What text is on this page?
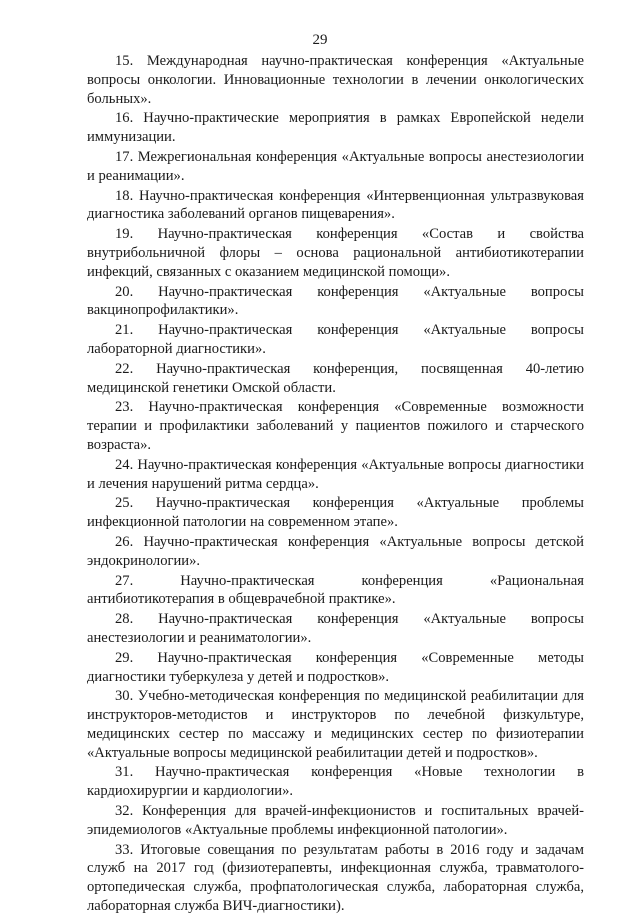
29

15. Международная научно-практическая конференция «Актуальные вопросы онкологии. Инновационные технологии в лечении онкологических больных».

16. Научно-практические мероприятия в рамках Европейской недели иммунизации.

17. Межрегиональная конференция «Актуальные вопросы анестезиологии и реанимации».

18. Научно-практическая конференция «Интервенционная ультразвуковая диагностика заболеваний органов пищеварения».

19. Научно-практическая конференция «Состав и свойства внутрибольничной флоры – основа рациональной антибиотикотерапии инфекций, связанных с оказанием медицинской помощи».

20. Научно-практическая конференция «Актуальные вопросы вакцинопрофилактики».

21. Научно-практическая конференция «Актуальные вопросы лабораторной диагностики».

22. Научно-практическая конференция, посвященная 40-летию медицинской генетики Омской области.

23. Научно-практическая конференция «Современные возможности терапии и профилактики заболеваний у пациентов пожилого и старческого возраста».

24. Научно-практическая конференция «Актуальные вопросы диагностики и лечения нарушений ритма сердца».

25. Научно-практическая конференция «Актуальные проблемы инфекционной патологии на современном этапе».

26. Научно-практическая конференция «Актуальные вопросы детской эндокринологии».

27. Научно-практическая конференция «Рациональная антибиотикотерапия в общеврачебной практике».

28. Научно-практическая конференция «Актуальные вопросы анестезиологии и реаниматологии».

29. Научно-практическая конференция «Современные методы диагностики туберкулеза у детей и подростков».

30. Учебно-методическая конференция по медицинской реабилитации для инструкторов-методистов и инструкторов по лечебной физкультуре, медицинских сестер по массажу и медицинских сестер по физиотерапии «Актуальные вопросы медицинской реабилитации детей и подростков».

31. Научно-практическая конференция «Новые технологии в кардиохирургии и кардиологии».

32. Конференция для врачей-инфекционистов и госпитальных врачей-эпидемиологов «Актуальные проблемы инфекционной патологии».

33. Итоговые совещания по результатам работы в 2016 году и задачам служб на 2017 год (физиотерапевты, инфекционная служба, травматолого-ортопедическая служба, профпатологическая служба, лабораторная служба, лабораторная служба ВИЧ-диагностики).
